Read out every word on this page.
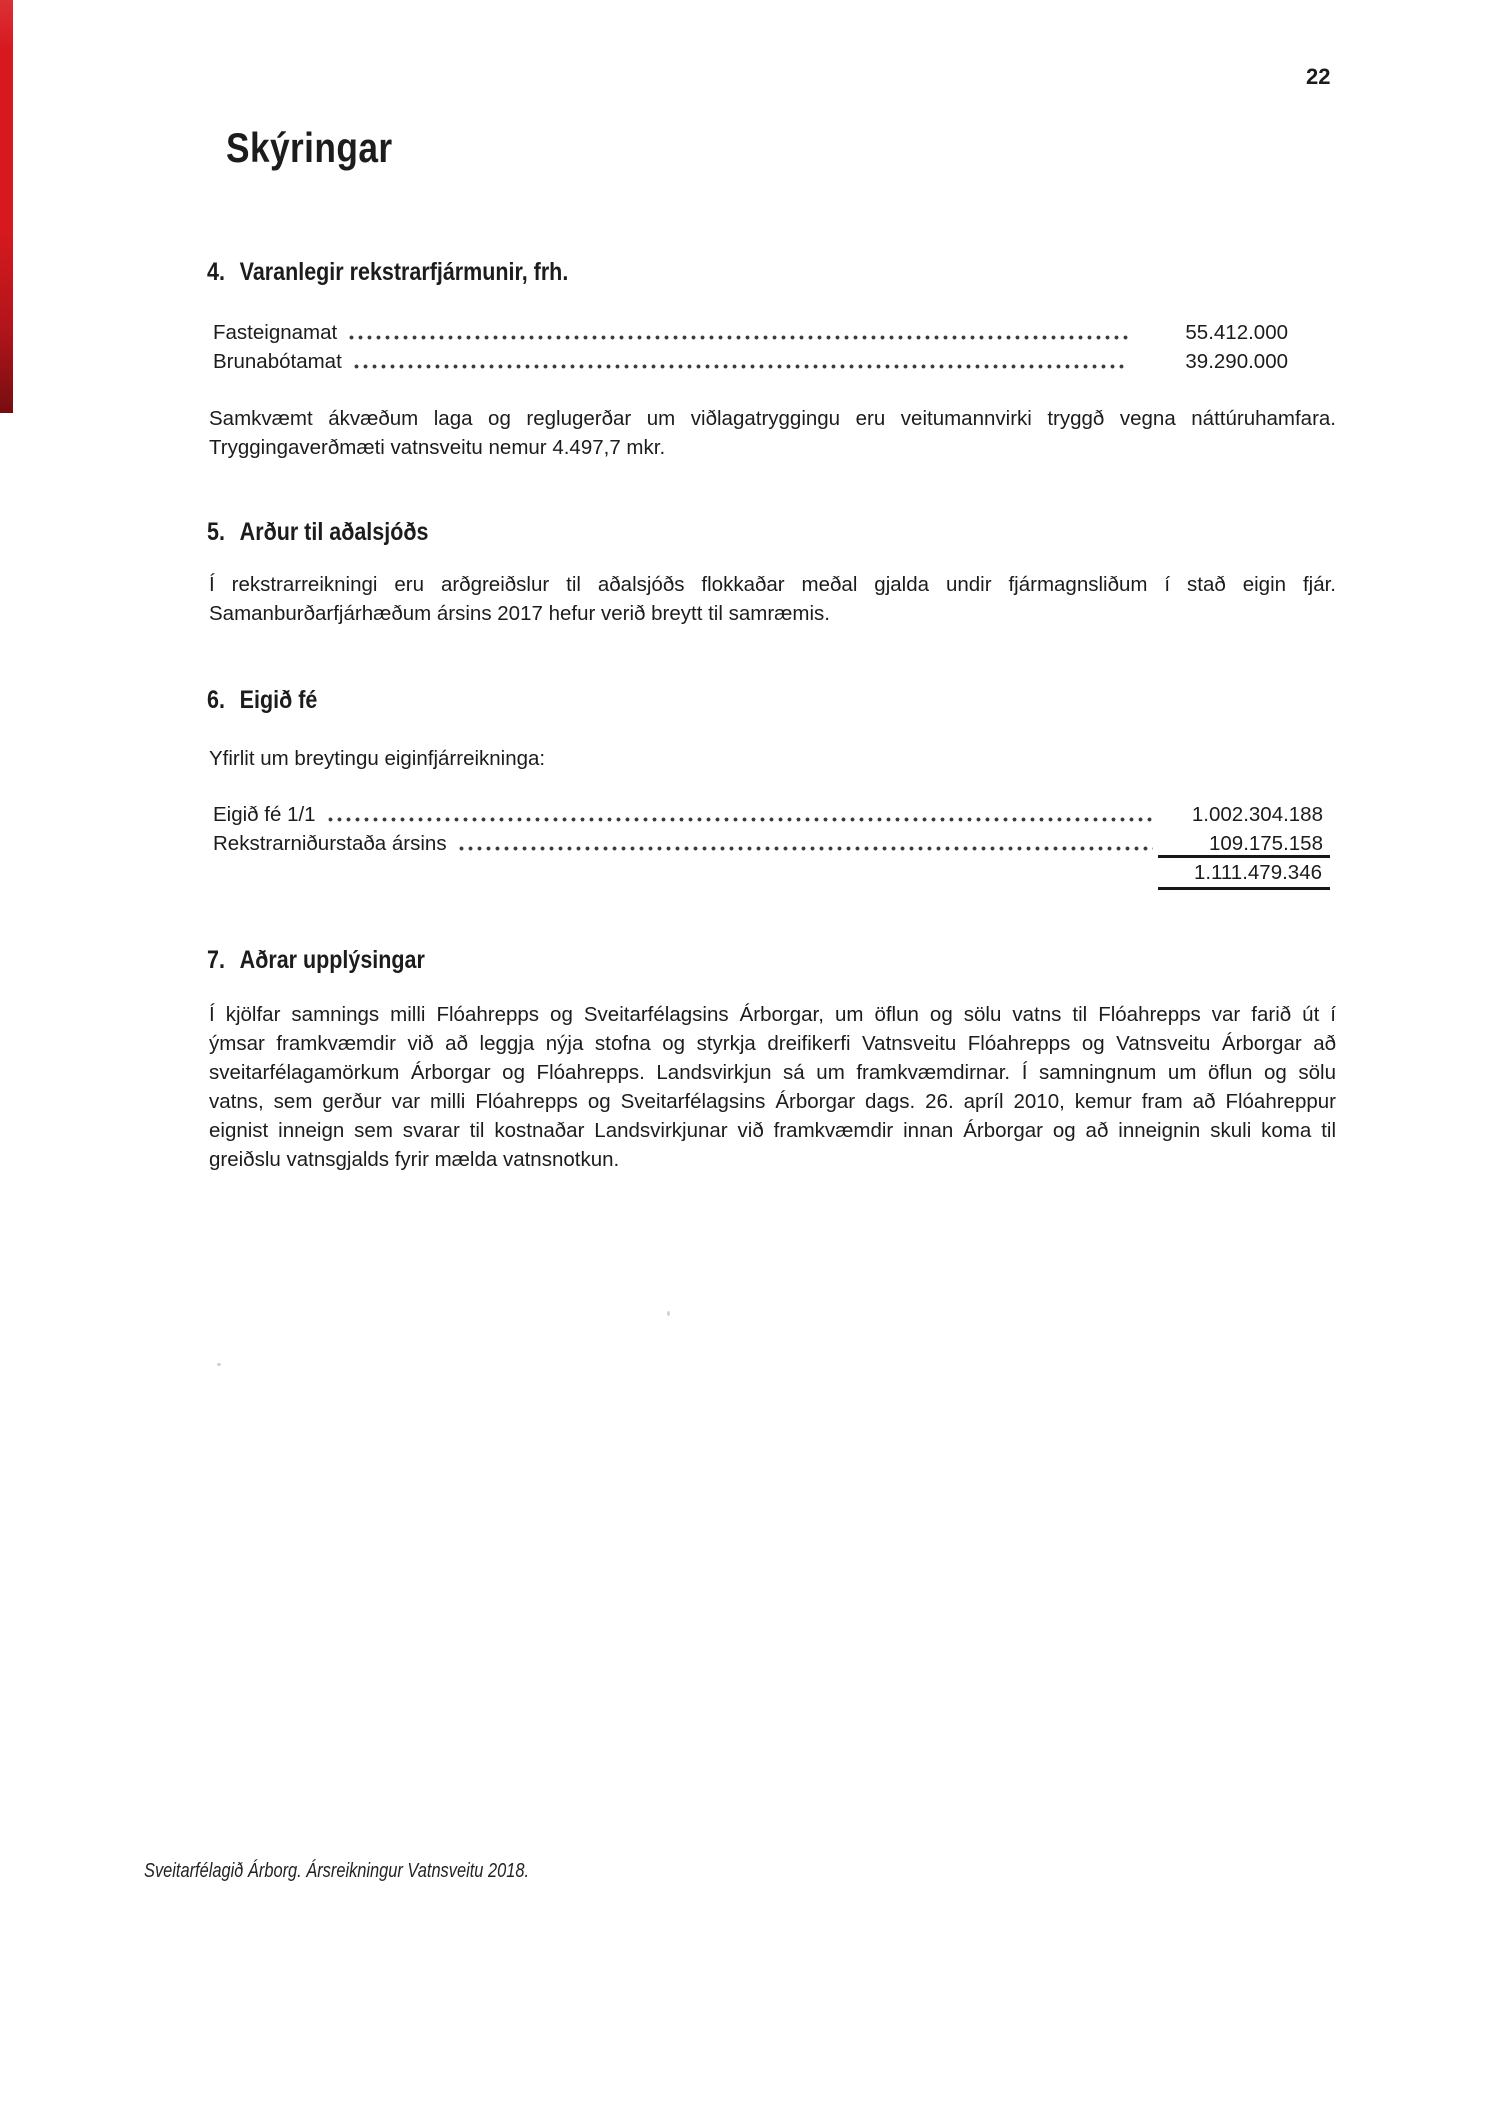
22
Skýringar
4. Varanlegir rekstrarfjármunir, frh.
Fasteignamat	55.412.000
Brunabótamat	39.290.000
Samkvæmt ákvæðum laga og reglugerðar um viðlagatryggingu eru veitumannvirki tryggð vegna náttúruhamfara.
Tryggingaverðmæti vatnsveitu nemur 4.497,7 mkr.
5. Arður til aðalsjóðs
Í rekstrarreikningi eru arðgreiðslur til aðalsjóðs flokkaðar meðal gjalda undir fjármagnsliðum í stað eigin fjár.
Samanburðarfjárhæðum ársins 2017 hefur verið breytt til samræmis.
6. Eigið fé
Yfirlit um breytingu eiginfjárreikninga:
Eigið fé 1/1	1.002.304.188
Rekstrarniðurstaða ársins	109.175.158
1.111.479.346
7. Aðrar upplýsingar
Í kjölfar samnings milli Flóahrepps og Sveitarfélagsins Árborgar, um öflun og sölu vatns til Flóahrepps var farið út í
ýmsar framkvæmdir við að leggja nýja stofna og styrkja dreifikerfi Vatnsveitu Flóahrepps og Vatnsveitu Árborgar að
sveitarfélagamörkum Árborgar og Flóahrepps. Landsvirkjun sá um framkvæmdirnar. Í samningnum um öflun og sölu
vatns, sem gerður var milli Flóahrepps og Sveitarfélagsins Árborgar dags. 26. apríl 2010, kemur fram að Flóahreppur
eignist inneign sem svarar til kostnaðar Landsvirkjunar við framkvæmdir innan Árborgar og að inneignin skuli koma til
greiðslu vatnsgjalds fyrir mælda vatnsnotkun.
Sveitarfélagið Árborg. Ársreikningur Vatnsveitu 2018.
